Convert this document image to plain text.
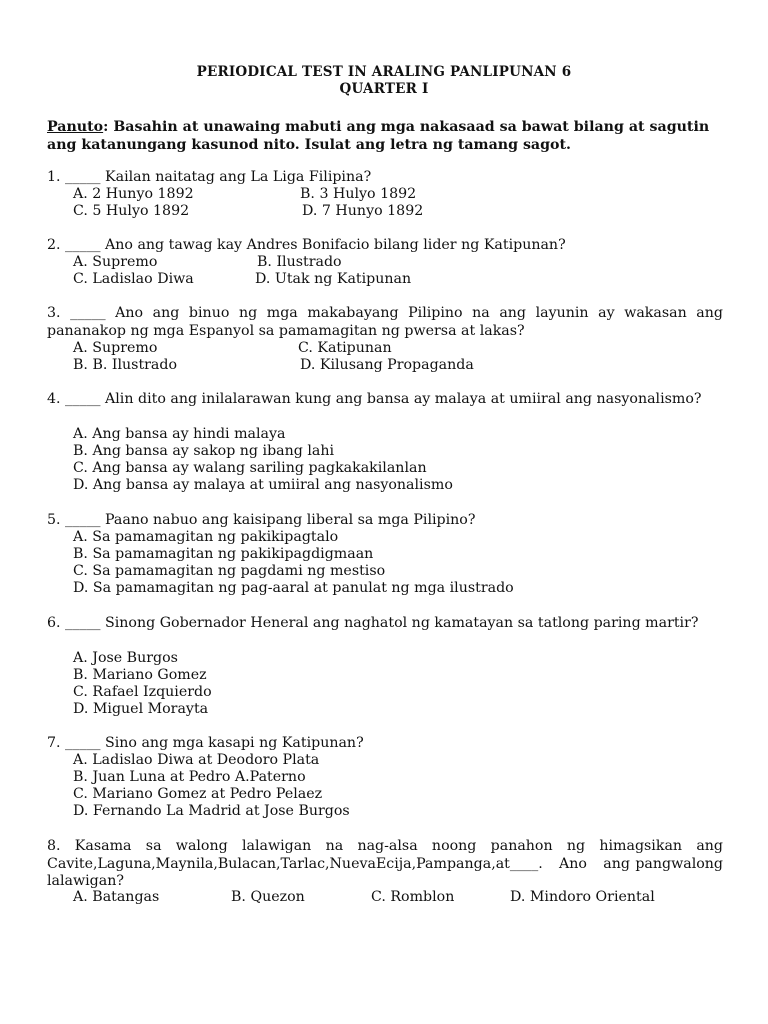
PERIODICAL TEST IN ARALING PANLIPUNAN 6
QUARTER I
Panuto: Basahin at unawaing mabuti ang mga nakasaad sa bawat bilang at sagutin ang katanungang kasunod nito. Isulat ang letra ng tamang sagot.
1. _____ Kailan naitatag ang La Liga Filipina?
A. 2 Hunyo 1892	B. 3 Hulyo 1892
C. 5 Hulyo 1892	D. 7 Hunyo 1892
2. _____ Ano ang tawag kay Andres Bonifacio bilang lider ng Katipunan?
A. Supremo	B. Ilustrado
C. Ladislao Diwa	D. Utak ng Katipunan
3. _____ Ano ang binuo ng mga makabayang Pilipino na ang layunin ay wakasan ang pananakop ng mga Espanyol sa pamamagitan ng pwersa at lakas?
A. Supremo	C. Katipunan
B. B. Ilustrado	D. Kilusang Propaganda
4. _____ Alin dito ang inilalarawan kung ang bansa ay malaya at umiiral ang nasyonalismo?
A. Ang bansa ay hindi malaya
B. Ang bansa ay sakop ng ibang lahi
C. Ang bansa ay walang sariling pagkakakilanlan
D. Ang bansa ay malaya at umiiral ang nasyonalismo
5. _____ Paano nabuo ang kaisipang liberal sa mga Pilipino?
A. Sa pamamagitan ng pakikipagtalo
B. Sa pamamagitan ng pakikipagdigmaan
C. Sa pamamagitan ng pagdami ng mestiso
D. Sa pamamagitan ng pag-aaral at panulat ng mga ilustrado
6. _____ Sinong Gobernador Heneral ang naghatol ng kamatayan sa tatlong paring martir?
A. Jose Burgos
B. Mariano Gomez
C. Rafael Izquierdo
D. Miguel Morayta
7. _____ Sino ang mga kasapi ng Katipunan?
A. Ladislao Diwa at Deodoro Plata
B. Juan Luna at Pedro A.Paterno
C. Mariano Gomez at Pedro Pelaez
D. Fernando La Madrid at Jose Burgos
8. Kasama sa walong lalawigan na nag-alsa noong panahon ng himagsikan ang Cavite,Laguna,Maynila,Bulacan,Tarlac,NuevaEcija,Pampanga,at____.   Ano   ang pangwalong lalawigan?
A. Batangas	B. Quezon	C. Romblon	D. Mindoro Oriental
